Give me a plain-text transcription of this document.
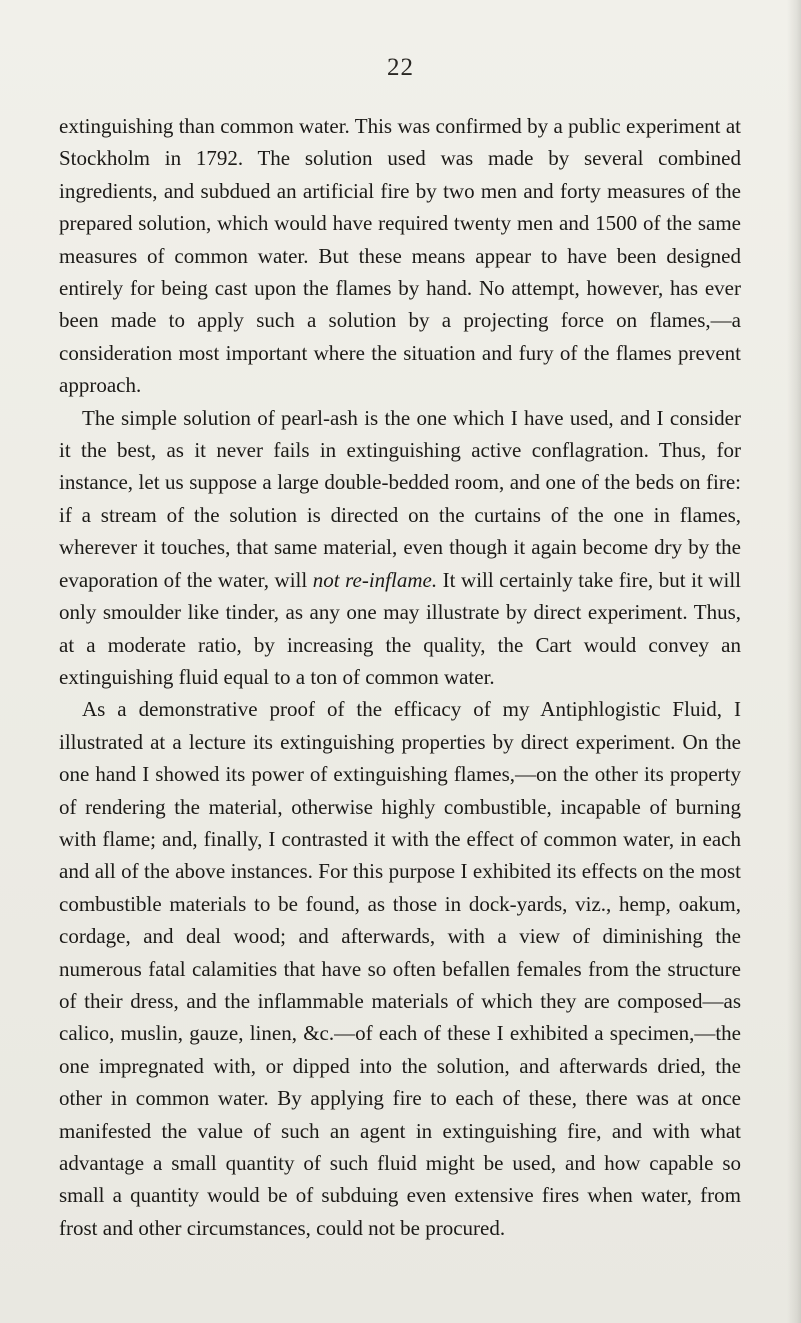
22

extinguishing than common water. This was confirmed by a public experiment at Stockholm in 1792. The solution used was made by several combined ingredients, and subdued an artificial fire by two men and forty measures of the prepared solution, which would have required twenty men and 1500 of the same measures of common water. But these means appear to have been designed entirely for being cast upon the flames by hand. No attempt, however, has ever been made to apply such a solution by a projecting force on flames,—a consideration most important where the situation and fury of the flames prevent approach.

The simple solution of pearl-ash is the one which I have used, and I consider it the best, as it never fails in extinguishing active conflagration. Thus, for instance, let us suppose a large double-bedded room, and one of the beds on fire: if a stream of the solution is directed on the curtains of the one in flames, wherever it touches, that same material, even though it again become dry by the evaporation of the water, will not re-inflame. It will certainly take fire, but it will only smoulder like tinder, as any one may illustrate by direct experiment. Thus, at a moderate ratio, by increasing the quality, the Cart would convey an extinguishing fluid equal to a ton of common water.

As a demonstrative proof of the efficacy of my Antiphlogistic Fluid, I illustrated at a lecture its extinguishing properties by direct experiment. On the one hand I showed its power of extinguishing flames,—on the other its property of rendering the material, otherwise highly combustible, incapable of burning with flame; and, finally, I contrasted it with the effect of common water, in each and all of the above instances. For this purpose I exhibited its effects on the most combustible materials to be found, as those in dock-yards, viz., hemp, oakum, cordage, and deal wood; and afterwards, with a view of diminishing the numerous fatal calamities that have so often befallen females from the structure of their dress, and the inflammable materials of which they are composed—as calico, muslin, gauze, linen, &c.—of each of these I exhibited a specimen,—the one impregnated with, or dipped into the solution, and afterwards dried, the other in common water. By applying fire to each of these, there was at once manifested the value of such an agent in extinguishing fire, and with what advantage a small quantity of such fluid might be used, and how capable so small a quantity would be of subduing even extensive fires when water, from frost and other circumstances, could not be procured.
